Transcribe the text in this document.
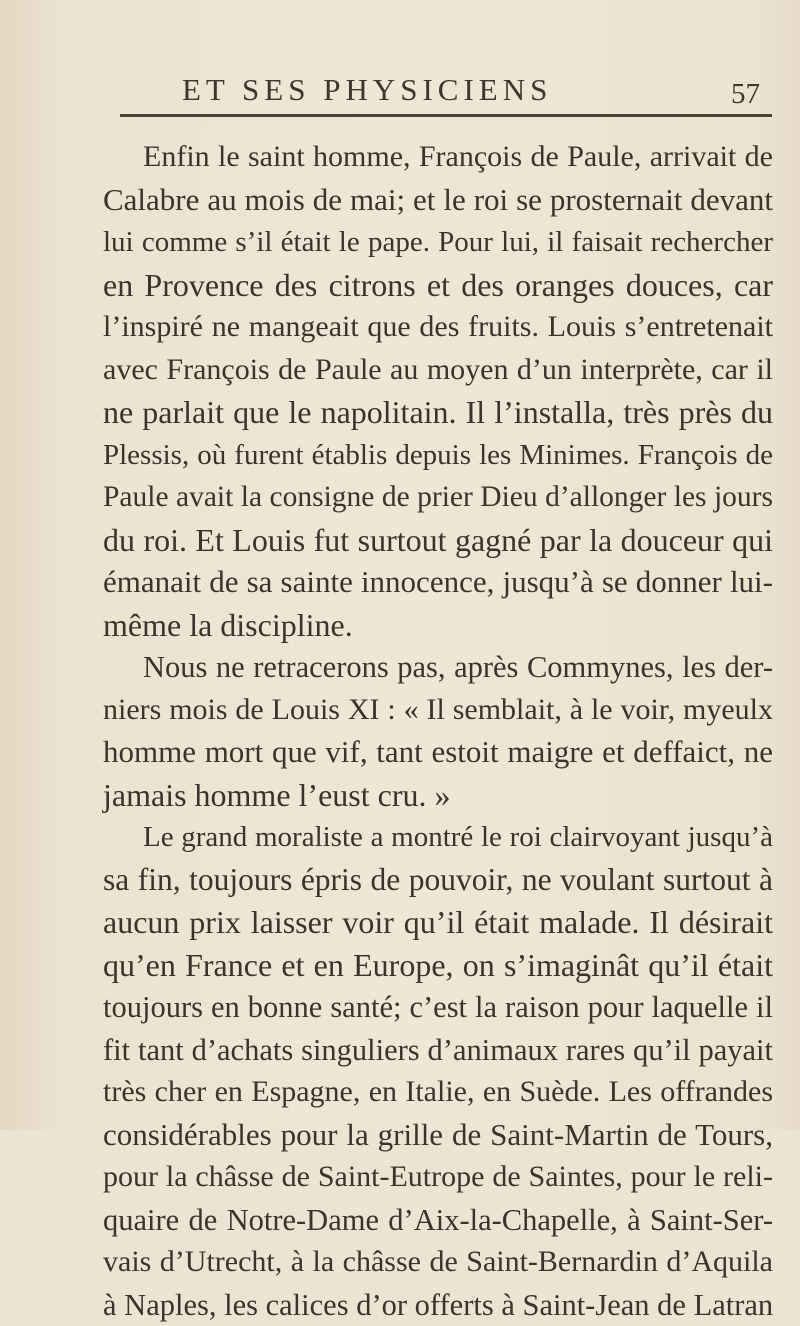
ET SES PHYSICIENS	57
Enfin le saint homme, François de Paule, arrivait de
Calabre au mois de mai; et le roi se prosternait devant
lui comme s’il était le pape. Pour lui, il faisait rechercher
en Provence des citrons et des oranges douces, car
l’inspiré ne mangeait que des fruits. Louis s’entretenait
avec François de Paule au moyen d’un interprète, car il
ne parlait que le napolitain. Il l’installa, très près du
Plessis, où furent établis depuis les Minimes. François de
Paule avait la consigne de prier Dieu d’allonger les jours
du roi. Et Louis fut surtout gagné par la douceur qui
émanait de sa sainte innocence, jusqu’à se donner lui-
même la discipline.
Nous ne retracerons pas, après Commynes, les der-
niers mois de Louis XI : « Il semblait, à le voir, myeulx
homme mort que vif, tant estoit maigre et deffaict, ne
jamais homme l’eust cru. »
Le grand moraliste a montré le roi clairvoyant jusqu’à
sa fin, toujours épris de pouvoir, ne voulant surtout à
aucun prix laisser voir qu’il était malade. Il désirait
qu’en France et en Europe, on s’imaginât qu’il était
toujours en bonne santé; c’est la raison pour laquelle il
fit tant d’achats singuliers d’animaux rares qu’il payait
très cher en Espagne, en Italie, en Suède. Les offrandes
considérables pour la grille de Saint-Martin de Tours,
pour la châsse de Saint-Eutrope de Saintes, pour le reli-
quaire de Notre-Dame d’Aix-la-Chapelle, à Saint-Ser-
vais d’Utrecht, à la châsse de Saint-Bernardin d’Aquila
à Naples, les calices d’or offerts à Saint-Jean de Latran
